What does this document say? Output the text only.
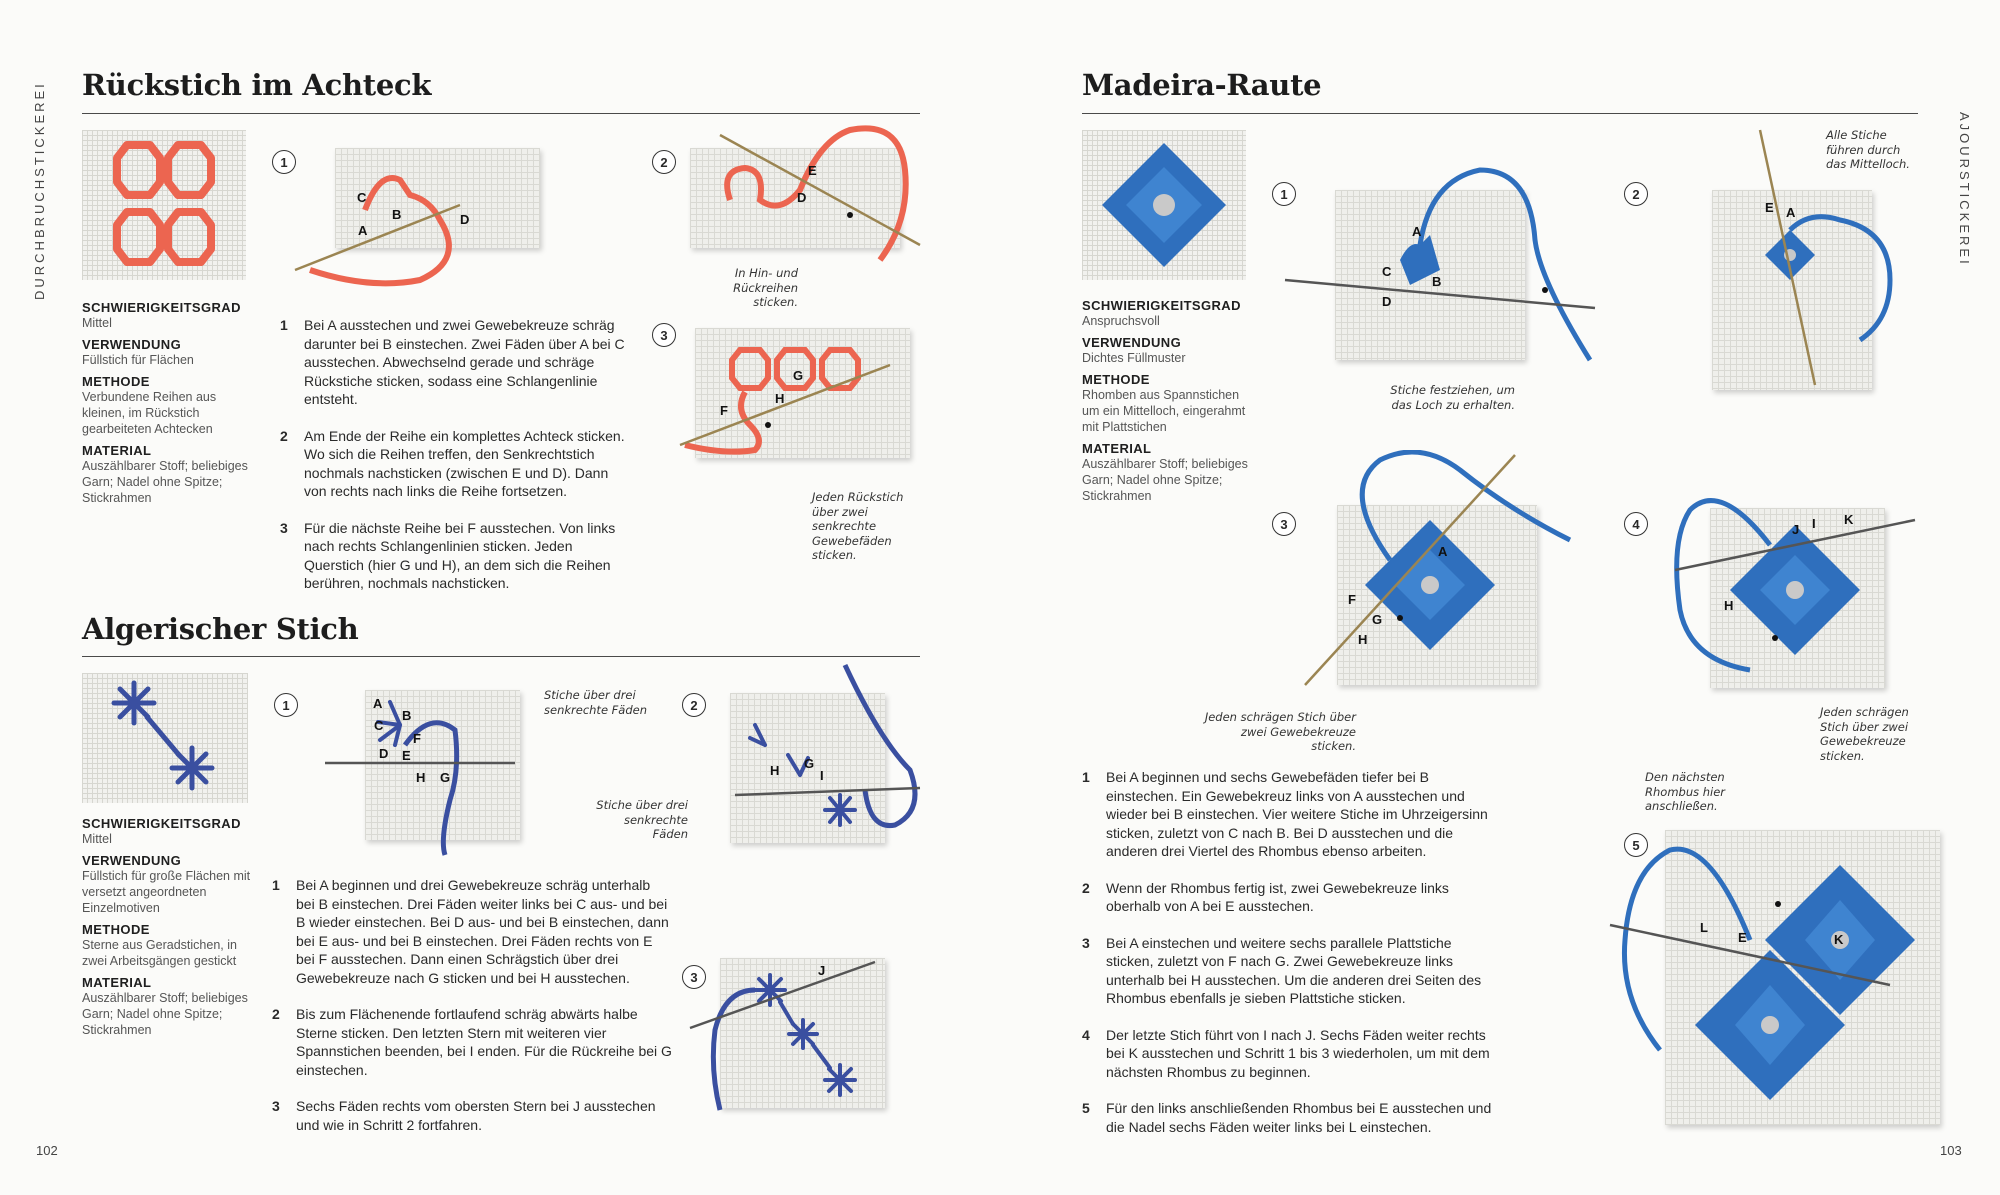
DURCHBRUCHSTICKEREI	AJOURSTICKEREI
102	103
Rückstich im Achteck
SCHWIERIGKEITSGRAD
Mittel
VERWENDUNG
Füllstich für Flächen
METHODE
Verbundene Reihen aus kleinen, im Rückstich gearbeiteten Achtecken
MATERIAL
Auszählbarer Stoff; beliebiges Garn; Nadel ohne Spitze; Stickrahmen
1	2
3
C
A
B	D
E
D
In Hin- und Rückreihen sticken.
G
H
F
Jeden Rückstich über zwei senkrechte Gewebefäden sticken.
1	Bei A ausstechen und zwei Gewebekreuze schräg darunter bei B einstechen. Zwei Fäden über A bei C ausstechen. Abwechselnd gerade und schräge Rückstiche sticken, sodass eine Schlangenlinie entsteht.
2	Am Ende der Reihe ein komplettes Achteck sticken. Wo sich die Reihen treffen, den Senkrechtstich nochmals nachsticken (zwischen E und D). Dann von rechts nach links die Reihe fortsetzen.
3	Für die nächste Reihe bei F ausstechen. Von links nach rechts Schlangenlinien sticken. Jeden Querstich (hier G und H), an dem sich die Reihen berühren, nochmals nachsticken.
Algerischer Stich
SCHWIERIGKEITSGRAD
Mittel
VERWENDUNG
Füllstich für große Flächen mit versetzt angeordneten Einzelmotiven
METHODE
Sterne aus Geradstichen, in zwei Arbeitsgängen gestickt
MATERIAL
Auszählbarer Stoff; beliebiges Garn; Nadel ohne Spitze; Stickrahmen
1	2
3
A
B
C
F
D E
H G
Stiche über drei senkrechte Fäden
H G
I
Stiche über drei senkrechte Fäden
J
1	Bei A beginnen und drei Gewebekreuze schräg unterhalb bei B einstechen. Drei Fäden weiter links bei C aus- und bei B wieder einstechen. Bei D aus- und bei B einstechen, dann bei E aus- und bei B einstechen. Drei Fäden rechts von E bei F ausstechen. Dann einen Schrägstich über drei Gewebekreuze nach G sticken und bei H ausstechen.
2	Bis zum Flächenende fortlaufend schräg abwärts halbe Sterne sticken. Den letzten Stern mit weiteren vier Spannstichen beenden, bei I enden. Für die Rückreihe bei G einstechen.
3	Sechs Fäden rechts vom obersten Stern bei J ausstechen und wie in Schritt 2 fortfahren.
Madeira-Raute
SCHWIERIGKEITSGRAD
Anspruchsvoll
VERWENDUNG
Dichtes Füllmuster
METHODE
Rhomben aus Spannstichen um ein Mittelloch, eingerahmt mit Plattstichen
MATERIAL
Auszählbarer Stoff; beliebiges Garn; Nadel ohne Spitze; Stickrahmen
1	2
3	4
5
A
B
C
D
Stiche festziehen, um das Loch zu erhalten.
E A
Alle Stiche führen durch das Mittelloch.
A
F
G
H
Jeden schrägen Stich über zwei Gewebekreuze sticken.
I
J
K
H
Jeden schrägen Stich über zwei Gewebekreuze sticken.
L
E	K
Den nächsten Rhombus hier anschließen.
1	Bei A beginnen und sechs Gewebefäden tiefer bei B einstechen. Ein Gewebekreuz links von A ausstechen und wieder bei B einstechen. Vier weitere Stiche im Uhrzeigersinn sticken, zuletzt von C nach B. Bei D ausstechen und die anderen drei Viertel des Rhombus ebenso arbeiten.
2	Wenn der Rhombus fertig ist, zwei Gewebekreuze links oberhalb von A bei E ausstechen.
3	Bei A einstechen und weitere sechs parallele Plattstiche sticken, zuletzt von F nach G. Zwei Gewebekreuze links unterhalb bei H ausstechen. Um die anderen drei Seiten des Rhombus ebenfalls je sieben Plattstiche sticken.
4	Der letzte Stich führt von I nach J. Sechs Fäden weiter rechts bei K ausstechen und Schritt 1 bis 3 wiederholen, um mit dem nächsten Rhombus zu beginnen.
5	Für den links anschließenden Rhombus bei E ausstechen und die Nadel sechs Fäden weiter links bei L einstechen.
